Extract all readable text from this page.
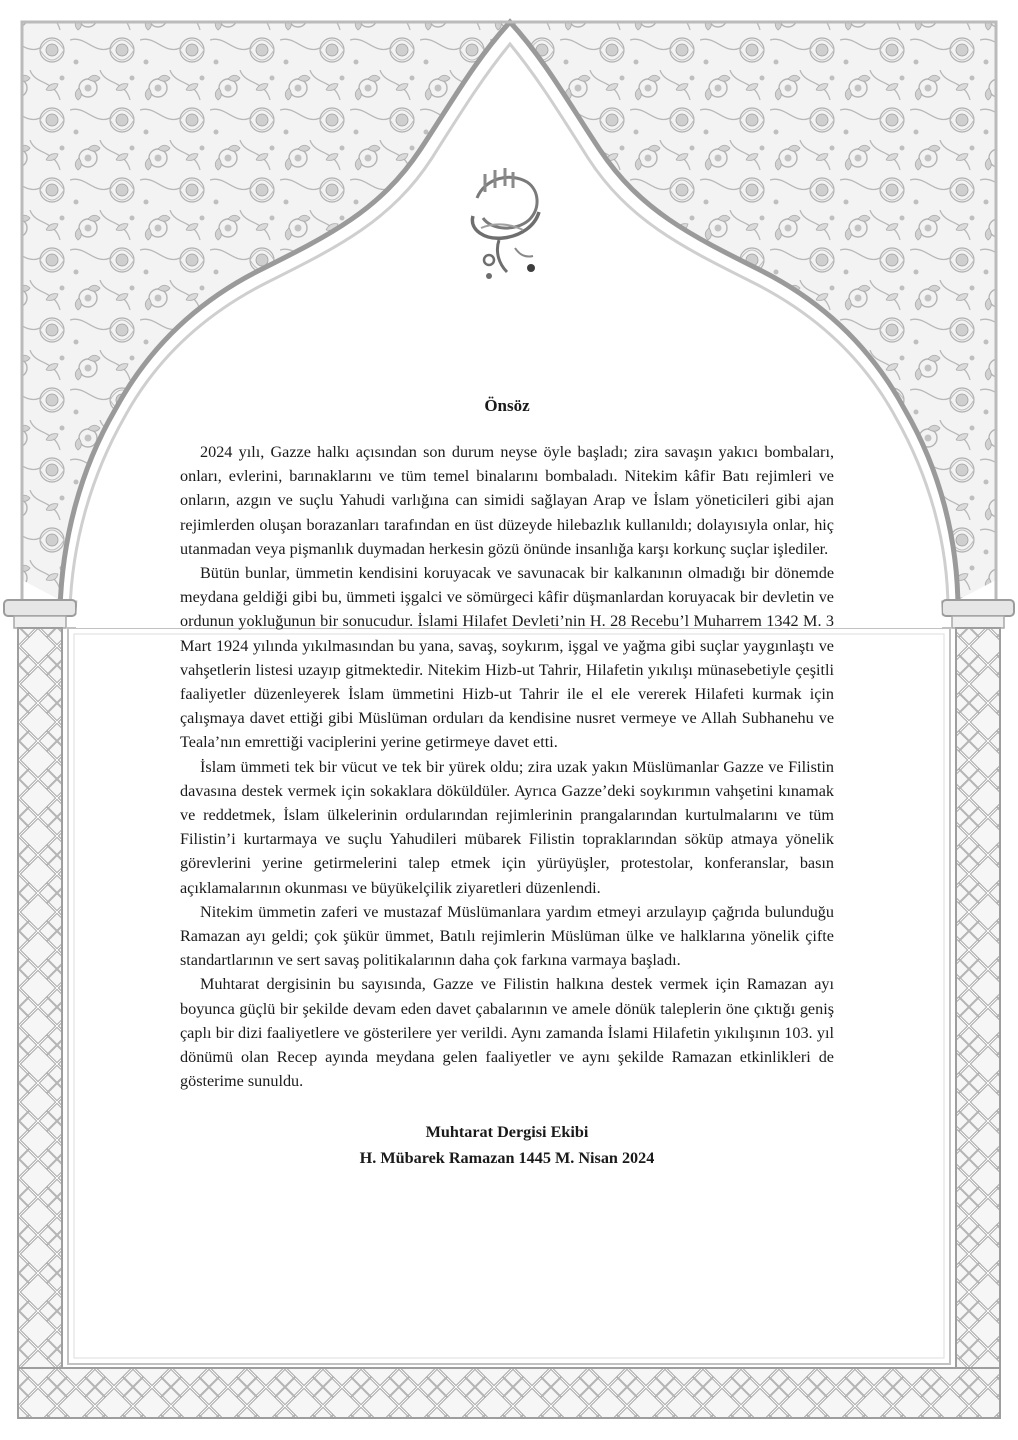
Önsöz

2024 yılı, Gazze halkı açısından son durum neyse öyle başladı; zira savaşın yakıcı bombaları, onları, evlerini, barınaklarını ve tüm temel binalarını bombaladı. Nitekim kâfir Batı rejimleri ve onların, azgın ve suçlu Yahudi varlığına can simidi sağlayan Arap ve İslam yöneticileri gibi ajan rejimlerden oluşan borazanları tarafından en üst düzeyde hilebazlık kullanıldı; dolayısıyla onlar, hiç utanmadan veya pişmanlık duymadan herkesin gözü önünde insanlığa karşı korkunç suçlar işlediler.

Bütün bunlar, ümmetin kendisini koruyacak ve savunacak bir kalkanının olmadığı bir dönemde meydana geldiği gibi bu, ümmeti işgalci ve sömürgeci kâfir düşmanlardan koruyacak bir devletin ve ordunun yokluğunun bir sonucudur. İslami Hilafet Devleti’nin H. 28 Recebu’l Muharrem 1342 M. 3 Mart 1924 yılında yıkılmasından bu yana, savaş, soykırım, işgal ve yağma gibi suçlar yaygınlaştı ve vahşetlerin listesi uzayıp gitmektedir. Nitekim Hizb-ut Tahrir, Hilafetin yıkılışı münasebetiyle çeşitli faaliyetler düzenleyerek İslam ümmetini Hizb-ut Tahrir ile el ele vererek Hilafeti kurmak için çalışmaya davet ettiği gibi Müslüman orduları da kendisine nusret vermeye ve Allah Subhanehu ve Teala’nın emrettiği vaciplerini yerine getirmeye davet etti.

İslam ümmeti tek bir vücut ve tek bir yürek oldu; zira uzak yakın Müslümanlar Gazze ve Filistin davasına destek vermek için sokaklara döküldüler. Ayrıca Gazze’deki soykırımın vahşetini kınamak ve reddetmek, İslam ülkelerinin ordularından rejimlerinin prangalarından kurtulmalarını ve tüm Filistin’i kurtarmaya ve suçlu Yahudileri mübarek Filistin topraklarından söküp atmaya yönelik görevlerini yerine getirmelerini talep etmek için yürüyüşler, protestolar, konferanslar, basın açıklamalarının okunması ve büyükelçilik ziyaretleri düzenlendi.

Nitekim ümmetin zaferi ve mustazaf Müslümanlara yardım etmeyi arzulayıp çağrıda bulunduğu Ramazan ayı geldi; çok şükür ümmet, Batılı rejimlerin Müslüman ülke ve halklarına yönelik çifte standartlarının ve sert savaş politikalarının daha çok farkına varmaya başladı.

Muhtarat dergisinin bu sayısında, Gazze ve Filistin halkına destek vermek için Ramazan ayı boyunca güçlü bir şekilde devam eden davet çabalarının ve amele dönük taleplerin öne çıktığı geniş çaplı bir dizi faaliyetlere ve gösterilere yer verildi. Aynı zamanda İslami Hilafetin yıkılışının 103. yıl dönümü olan Recep ayında meydana gelen faaliyetler ve aynı şekilde Ramazan etkinlikleri de gösterime sunuldu.

Muhtarat Dergisi Ekibi
H. Mübarek Ramazan 1445 M. Nisan 2024
